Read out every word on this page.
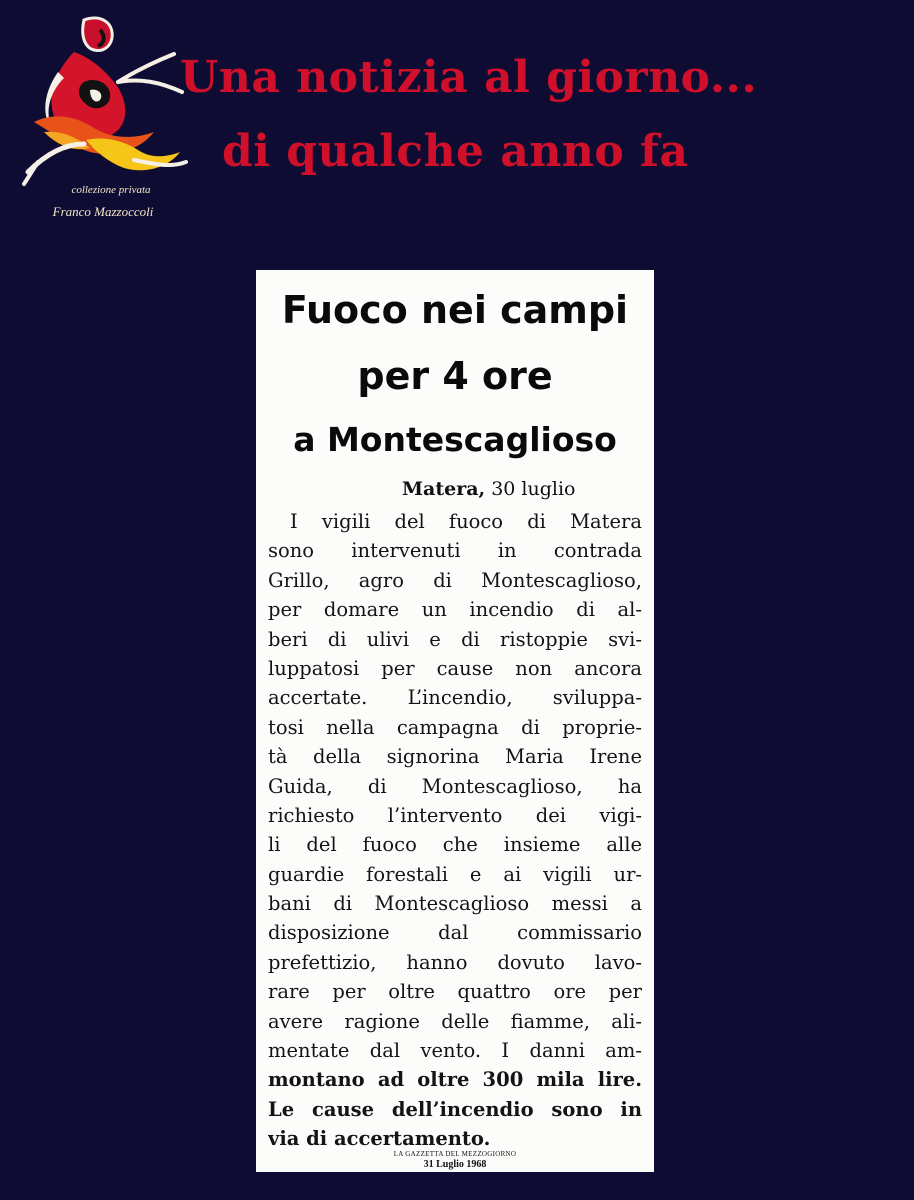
collezione privata
Franco Mazzoccoli
Una notizia al giorno...
di qualche anno fa
Fuoco nei campi
per 4 ore
a Montescaglioso
Matera, 30 luglio
I vigili del fuoco di Matera
sono intervenuti in contrada
Grillo, agro di Montescaglioso,
per domare un incendio di al-
beri di ulivi e di ristoppie svi-
luppatosi per cause non ancora
accertate. L’incendio, sviluppa-
tosi nella campagna di proprie-
tà della signorina Maria Irene
Guida, di Montescaglioso, ha
richiesto l’intervento dei vigi-
li del fuoco che insieme alle
guardie forestali e ai vigili ur-
bani di Montescaglioso messi a
disposizione dal commissario
prefettizio, hanno dovuto lavo-
rare per oltre quattro ore per
avere ragione delle fiamme, ali-
mentate dal vento. I danni am-
montano ad oltre 300 mila lire.
Le cause dell’incendio sono in
via di accertamento.
LA GAZZETTA DEL MEZZOGIORNO
31 Luglio 1968
